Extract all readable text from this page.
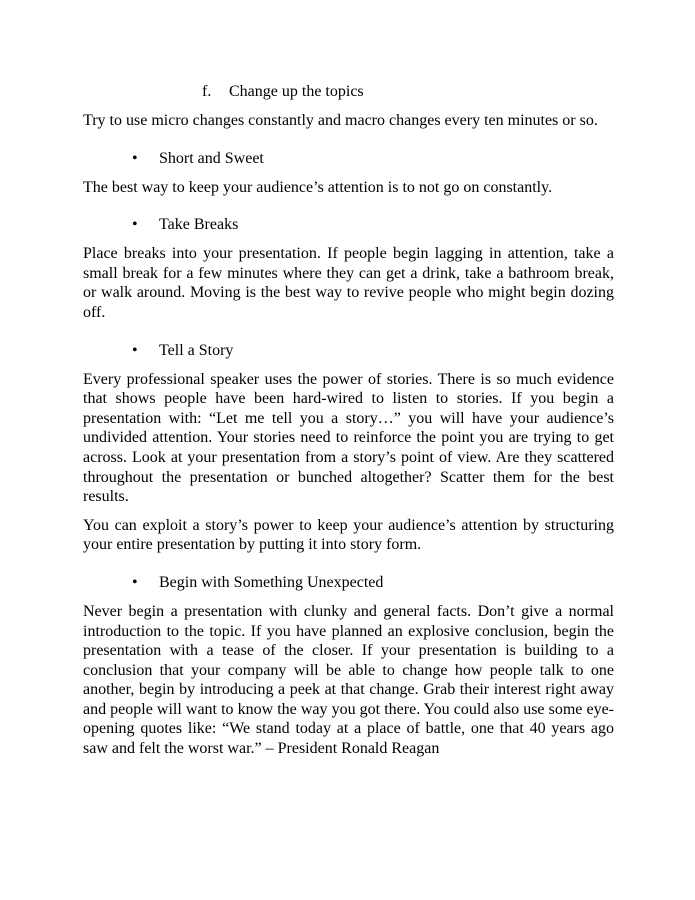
f. Change up the topics

Try to use micro changes constantly and macro changes every ten minutes or so.

• Short and Sweet

The best way to keep your audience’s attention is to not go on constantly.

• Take Breaks

Place breaks into your presentation. If people begin lagging in attention, take a small break for a few minutes where they can get a drink, take a bathroom break, or walk around. Moving is the best way to revive people who might begin dozing off.

• Tell a Story

Every professional speaker uses the power of stories. There is so much evidence that shows people have been hard-wired to listen to stories. If you begin a presentation with: “Let me tell you a story…” you will have your audience’s undivided attention. Your stories need to reinforce the point you are trying to get across. Look at your presentation from a story’s point of view. Are they scattered throughout the presentation or bunched altogether? Scatter them for the best results.

You can exploit a story’s power to keep your audience’s attention by structuring your entire presentation by putting it into story form.

• Begin with Something Unexpected

Never begin a presentation with clunky and general facts. Don’t give a normal introduction to the topic. If you have planned an explosive conclusion, begin the presentation with a tease of the closer. If your presentation is building to a conclusion that your company will be able to change how people talk to one another, begin by introducing a peek at that change. Grab their interest right away and people will want to know the way you got there. You could also use some eye-opening quotes like: “We stand today at a place of battle, one that 40 years ago saw and felt the worst war.” – President Ronald Reagan
